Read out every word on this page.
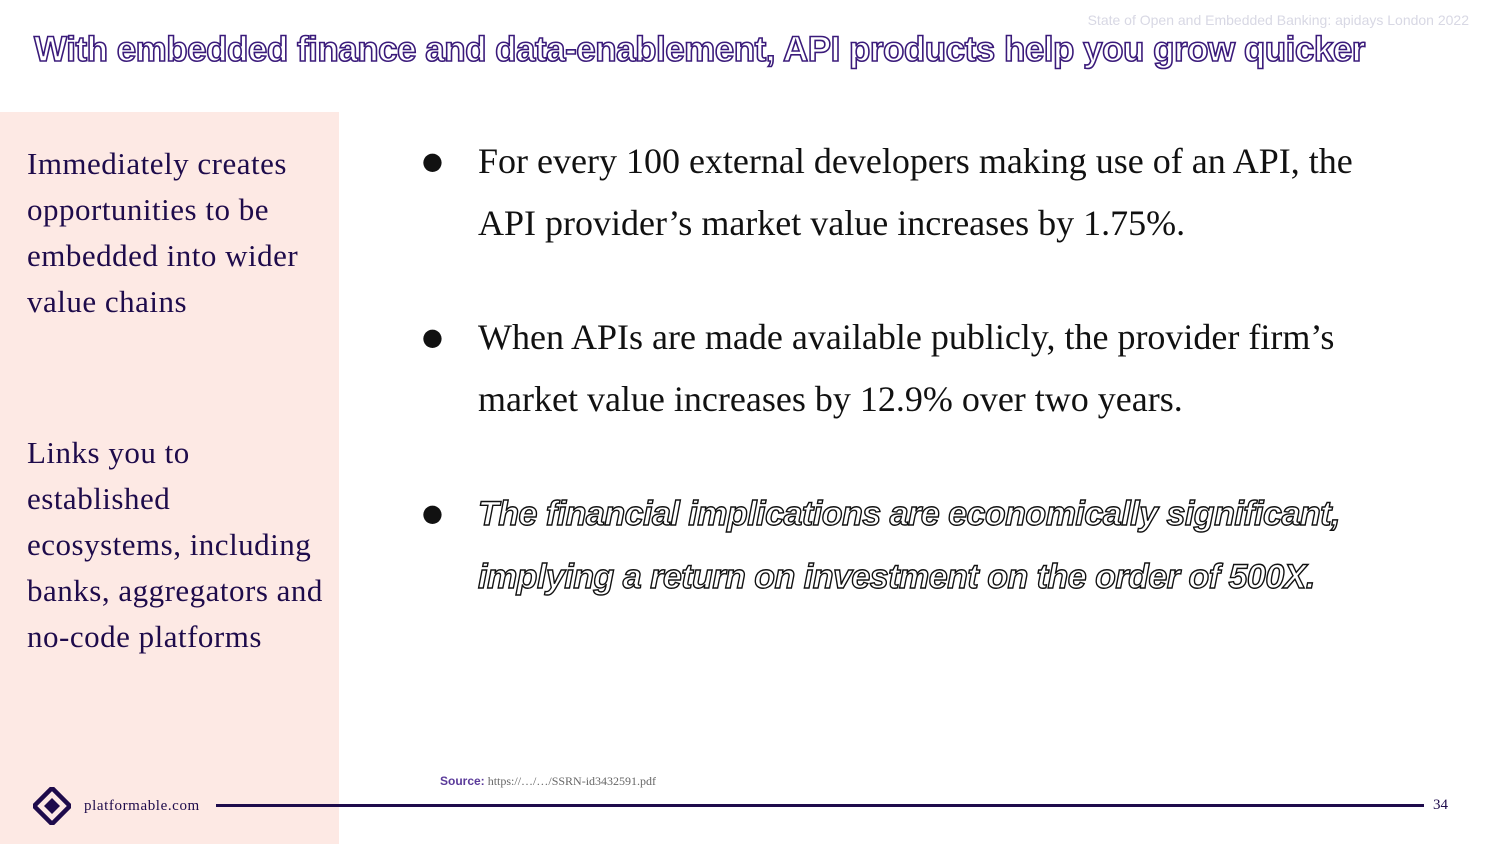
State of Open and Embedded Banking: apidays London 2022
With embedded finance and data-enablement, API products help you grow quicker
Immediately creates opportunities to be embedded into wider value chains
Links you to established ecosystems, including banks, aggregators and no-code platforms
● For every 100 external developers making use of an API, the API provider’s market value increases by 1.75%.
● When APIs are made available publicly, the provider firm’s market value increases by 12.9% over two years.
● The financial implications are economically significant, implying a return on investment on the order of 500X.
Source: https://…/…/SSRN-id3432591.pdf
platformable.com	34
